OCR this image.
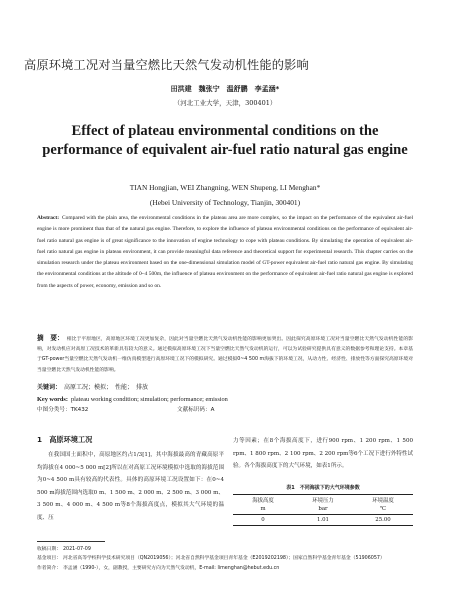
高原环境工况对当量空燃比天然气发动机性能的影响
田洪建　魏张宁　温舒鹏　李孟涵*
（河北工业大学，天津，300401）
Effect of plateau environmental conditions on the performance of equivalent air-fuel ratio natural gas engine
TIAN Hongjian, WEI Zhangning, WEN Shupeng, LI Menghan*
(Hebei University of Technology, Tianjin, 300401)
Abstract: Compared with the plain area, the environmental conditions in the plateau area are more complex, so the impact on the performance of the equivalent air-fuel engine is more prominent than that of the natural gas engine. Therefore, to explore the influence of plateau environmental conditions on the performance of equivalent air-fuel ratio natural gas engine is of great significance to the innovation of engine technology to cope with plateau conditions. By simulating the operation of equivalent air-fuel ratio natural gas engine in plateau environment, it can provide meaningful data reference and theoretical support for experimental research. This chapter carries on the simulation research under the plateau environment based on the one-dimensional simulation model of GT-power equivalent air-fuel ratio natural gas engine. By simulating the environmental conditions at the altitude of 0~4 500m, the influence of plateau environment on the performance of equivalent air-fuel ratio natural gas engine is explored from the aspects of power, economy, emission and so on.
摘　要： 相比于平原地区，高原地区环境工况更加复杂，因此对当量空燃比天然气发动机性能的影响更加突出。因此探究高原环境工况对当量空燃比天然气发动机性能的影响，对发动机应对高原工况技术的革新具有较大的意义。通过模拟高原环境工况下当量空燃比天然气发动机的运行，可以为试验研究提供具有意义的数据参考和理论支持。本章基于GT-power当量空燃比天然气发动机一维仿真模型进行高原环境工况下的模拟研究。通过模拟0~4 500 m海拔下的环境工况，从动力性、经济性、排放性等方面探究高原环境对当量空燃比天然气发动机性能的影响。
关键词： 高原工况；模拟；　性能；　排放
Key words: plateau working condition; simulation; performance; emission
中图分类号：TK432	文献标识码：A
1　高原环境工况
在我国国土面积中，高原地区约占1/3[1]，其中海拔最高的青藏高原平均海拔在4 000~5 000 m[2]所以在对高原工况环境模拟中选取的海拔范围为0~4 500 m具有较高的代表性。具体的高原环境工况设置如下：在0~4 500 m海拔范围内选取0 m、1 500 m、2 000 m、2 500 m、3 000 m、3 500 m、4 000 m、4 500 m等8个海拔高度点，模拟其大气环境的温度、压
力等因素；在8个海拔高度下，进行900 rpm、1 200 rpm、1 500 rpm、1 800 rpm、2 100 rpm、2 200 rpm等6个工况下进行外特性试验。各个海拔高度下的大气环境，如表1所示。
表1　不同海拔下的大气环境参数
海拔高度	环境压力	环境温度
m	bar	℃
0	1.01	25.00
收稿日期： 2021-07-09
基金项目： 河北省高等学校科学技术研究项目（QN2019056）；河北省自然科学基金项目青年基金（E2019202198）；国家自然科学基金青年基金（51906057）
作者简介： 李孟涵（1990-），女，副教授，主要研究方向为天然气发动机，E-mail: limenghan@hebut.edu.cn
